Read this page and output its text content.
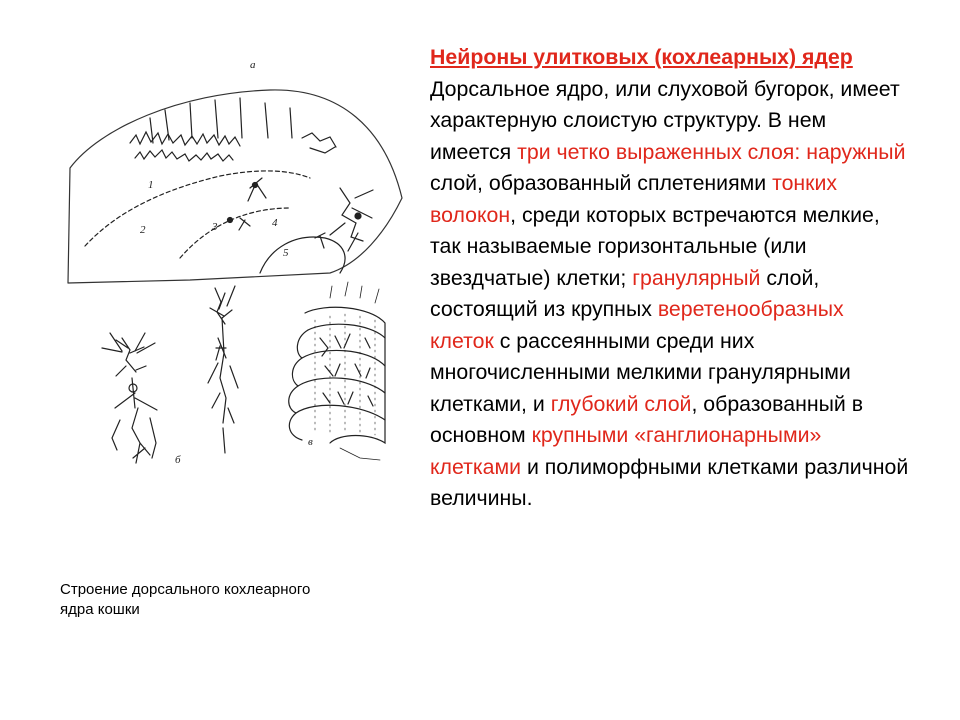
а
б
в
1
2	3	4
5
Строение дорсального кохлеарного ядра кошки
Нейроны улитковых (кохлеарных) ядер
Дорсальное ядро, или слуховой бугорок, имеет характерную слоистую структуру. В нем имеется три четко выраженных слоя: наружный слой, образованный сплетениями тонких волокон, среди которых встречаются мелкие, так называемые горизонтальные (или звездчатые) клетки; гранулярный слой, состоящий из крупных веретенообразных клеток с рассеянными среди них многочисленными мелкими гранулярными клетками, и глубокий слой, образованный в основном крупными «ганглионарными» клетками и полиморфными клетками различной величины.
